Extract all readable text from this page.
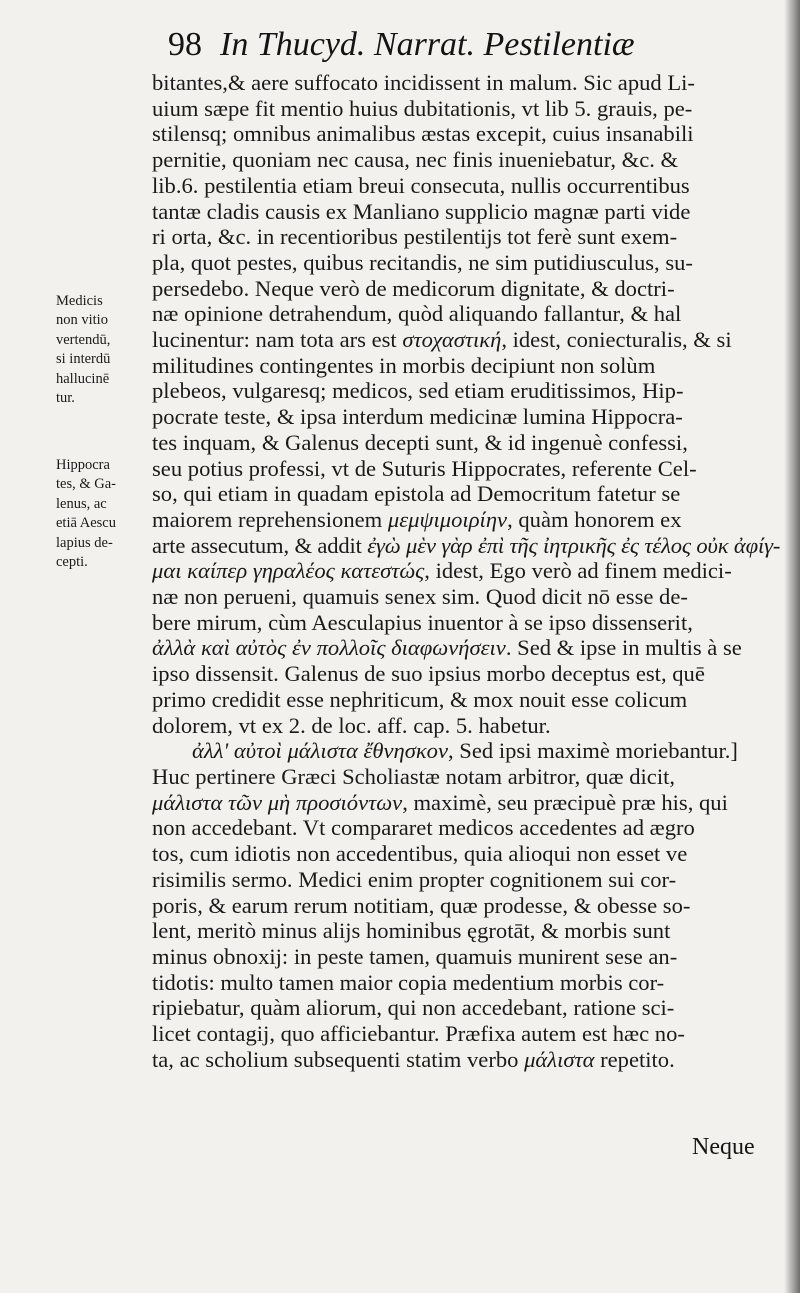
98 In Thucyd. Narrat. Pestilentiæ
Medicis
non vitio
vertendū,
si interdū
hallucinē
tur.
Hippocra
tes, & Ga-
lenus, ac
etiā Aescu
lapius de-
cepti.
bitantes,& aere suffocato incidissent in malum. Sic apud Li-
uium sæpe fit mentio huius dubitationis, vt lib 5. grauis, pe-
stilensq; omnibus animalibus æstas excepit, cuius insanabili
pernitie, quoniam nec causa, nec finis inueniebatur, &c. &
lib.6. pestilentia etiam breui consecuta, nullis occurrentibus
tantæ cladis causis ex Manliano supplicio magnæ parti vide
ri orta, &c. in recentioribus pestilentijs tot ferè sunt exem-
pla, quot pestes, quibus recitandis, ne sim putidiusculus, su-
persedebo. Neque verò de medicorum dignitate, & doctri-
næ opinione detrahendum, quòd aliquando fallantur, & hal
lucinentur: nam tota ars est στοχαστική, idest, coniecturalis, & si
militudines contingentes in morbis decipiunt non solùm
plebeos, vulgaresq; medicos, sed etiam eruditissimos, Hip-
pocrate teste, & ipsa interdum medicinæ lumina Hippocra-
tes inquam, & Galenus decepti sunt, & id ingenuè confessi,
seu potius professi, vt de Suturis Hippocrates, referente Cel-
so, qui etiam in quadam epistola ad Democritum fatetur se
maiorem reprehensionem μεμψιμοιρίην, quàm honorem ex
arte assecutum, & addit ἐγὼ μὲν γὰρ ἐπὶ τῆς ἰητρικῆς ἐς τέλος οὐκ ἀφίγ-
μαι καίπερ γηραλέος κατεστώς, idest, Ego verò ad finem medici-
næ non perueni, quamuis senex sim. Quod dicit nō esse de-
bere mirum, cùm Aesculapius inuentor à se ipso dissenserit,
ἀλλὰ καὶ αὐτὸς ἐν πολλοῖς διαφωνήσειν. Sed & ipse in multis à se
ipso dissensit. Galenus de suo ipsius morbo deceptus est, quē
primo credidit esse nephriticum, & mox nouit esse colicum
dolorem, vt ex 2. de loc. aff. cap. 5. habetur.
ἀλλ' αὐτοὶ μάλιστα ἔθνησκον, Sed ipsi maximè moriebantur.]
Huc pertinere Græci Scholiastæ notam arbitror, quæ dicit,
μάλιστα τῶν μὴ προσιόντων, maximè, seu præcipuè præ his, qui
non accedebant. Vt compararet medicos accedentes ad ægro
tos, cum idiotis non accedentibus, quia alioqui non esset ve
risimilis sermo. Medici enim propter cognitionem sui cor-
poris, & earum rerum notitiam, quæ prodesse, & obesse so-
lent, meritò minus alijs hominibus ęgrotāt, & morbis sunt
minus obnoxij: in peste tamen, quamuis munirent sese an-
tidotis: multo tamen maior copia medentium morbis cor-
ripiebatur, quàm aliorum, qui non accedebant, ratione sci-
licet contagij, quo afficiebantur. Præfixa autem est hæc no-
ta, ac scholium subsequenti statim verbo μάλιστα repetito.
Neque
